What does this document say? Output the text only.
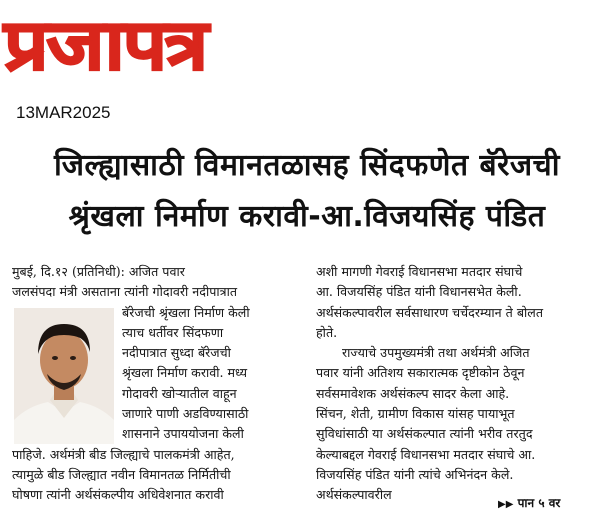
प्रजापत्र
13MAR2025
जिल्ह्यासाठी विमानतळासह सिंदफणेत बॅरेजची
श्रृंखला निर्माण करावी-आ.विजयसिंह पंडित
मुबई, दि.१२ (प्रतिनिधी): अजित पवार
जलसंपदा मंत्री असताना त्यांनी गोदावरी नदीपात्रात
बॅरेजची श्रृंखला निर्माण केली
त्याच धर्तीवर सिंदफणा
नदीपात्रात सुध्दा बॅरेजची
श्रृंखला निर्माण करावी. मध्य
गोदावरी खोऱ्यातील वाहून
जाणारे पाणी अडविण्यासाठी
शासनाने उपाययोजना केली
पाहिजे. अर्थमंत्री बीड जिल्ह्याचे पालकमंत्री आहेत,
त्यामुळे बीड जिल्ह्यात नवीन विमानतळ निर्मितीची
घोषणा त्यांनी अर्थसंकल्पीय अधिवेशनात करावी
अशी मागणी गेवराई विधानसभा मतदार संघाचे
आ. विजयसिंह पंडित यांनी विधानसभेत केली.
अर्थसंकल्पावरील सर्वसाधारण चर्चेदरम्यान ते बोलत
होते.
राज्याचे उपमुख्यमंत्री तथा अर्थमंत्री अजित
पवार यांनी अतिशय सकारात्मक दृष्टीकोन ठेवून
सर्वसमावेशक अर्थसंकल्प सादर केला आहे.
सिंचन, शेती, ग्रामीण विकास यांसह पायाभूत
सुविधांसाठी या अर्थसंकल्पात त्यांनी भरीव तरतुद
केल्याबद्दल गेवराई विधानसभा मतदार संघाचे आ.
विजयसिंह पंडित यांनी त्यांचे अभिनंदन केले.
अर्थसंकल्पावरील
▶▶ पान ५ वर
